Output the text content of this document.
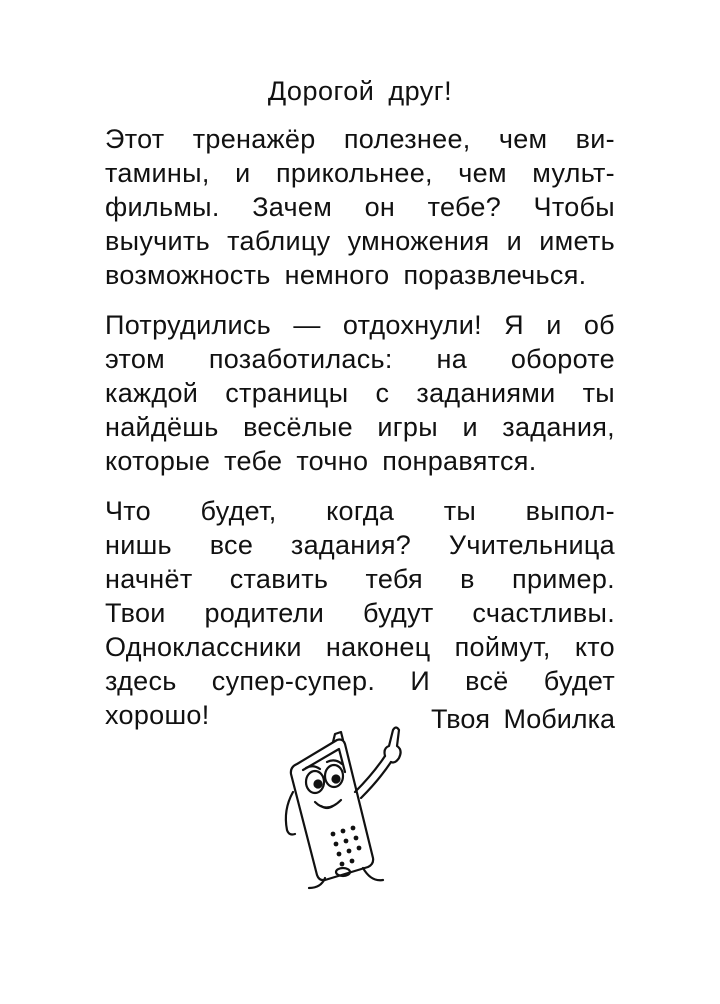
Дорогой друг!
Этот тренажёр полезнее, чем ви-
тамины, и прикольнее, чем мульт-
фильмы. Зачем он тебе? Чтобы
выучить таблицу умножения и иметь
возможность немного поразвлечься.
Потрудились — отдохнули! Я и об
этом позаботилась: на обороте
каждой страницы с заданиями ты
найдёшь весёлые игры и задания,
которые тебе точно понравятся.
Что будет, когда ты выпол-
нишь все задания? Учительница
начнёт ставить тебя в пример.
Твои родители будут счастливы.
Одноклассники наконец поймут, кто
здесь супер-супер. И всё будет
хорошо!	Твоя Мобилка
